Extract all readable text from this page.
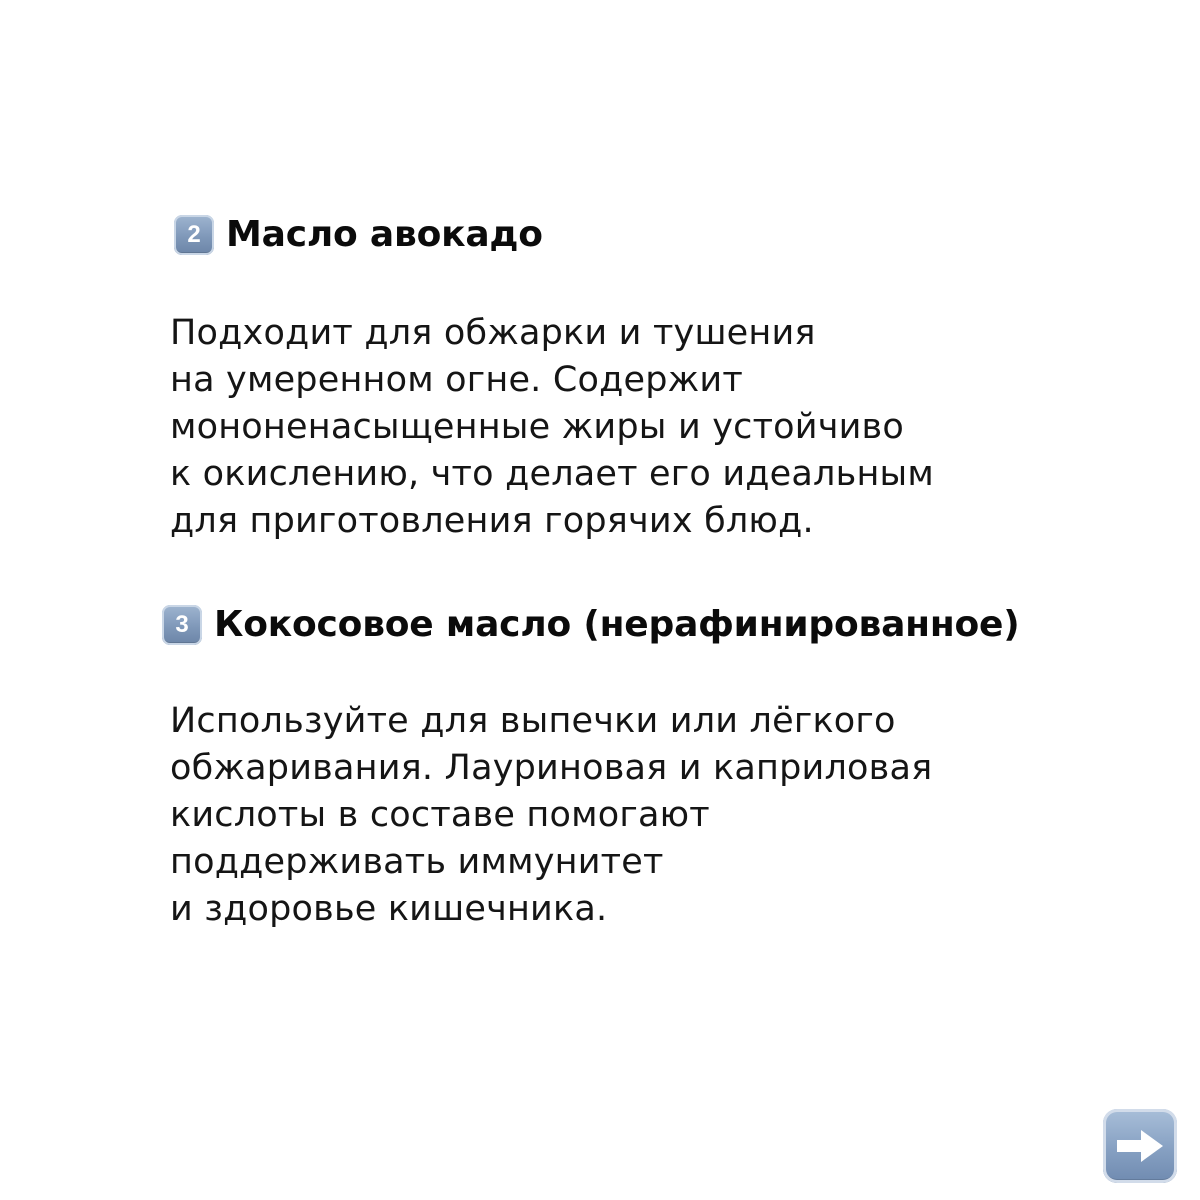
2 Масло авокадо
Подходит для обжарки и тушения
на умеренном огне. Содержит
мононенасыщенные жиры и устойчиво
к окислению, что делает его идеальным
для приготовления горячих блюд.
3 Кокосовое масло (нерафинированное)
Используйте для выпечки или лёгкого
обжаривания. Лауриновая и каприловая
кислоты в составе помогают
поддерживать иммунитет
и здоровье кишечника.
